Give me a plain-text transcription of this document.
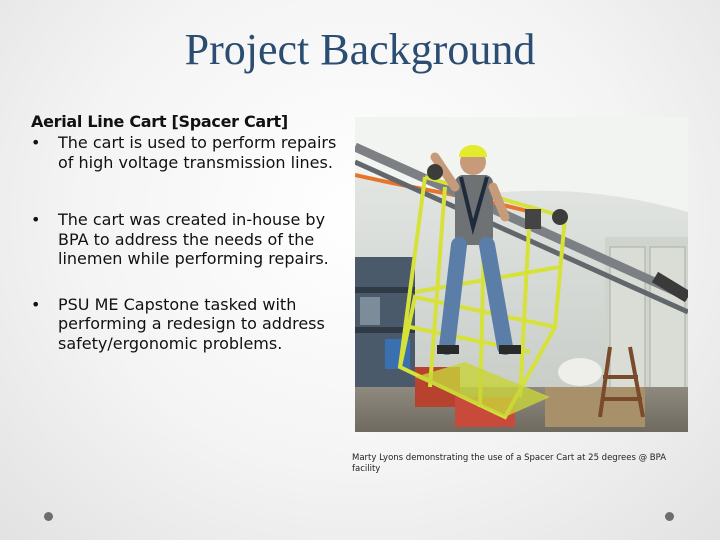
Project Background
Aerial Line Cart [Spacer Cart]
•	The cart is used to perform repairs of high voltage transmission lines.
•	The cart was created in-house by BPA to address the needs of the linemen while performing repairs.
•	PSU ME Capstone tasked with performing a redesign to address safety/ergonomic problems.
Marty Lyons demonstrating the use of a Spacer Cart at 25 degrees @ BPA facility
